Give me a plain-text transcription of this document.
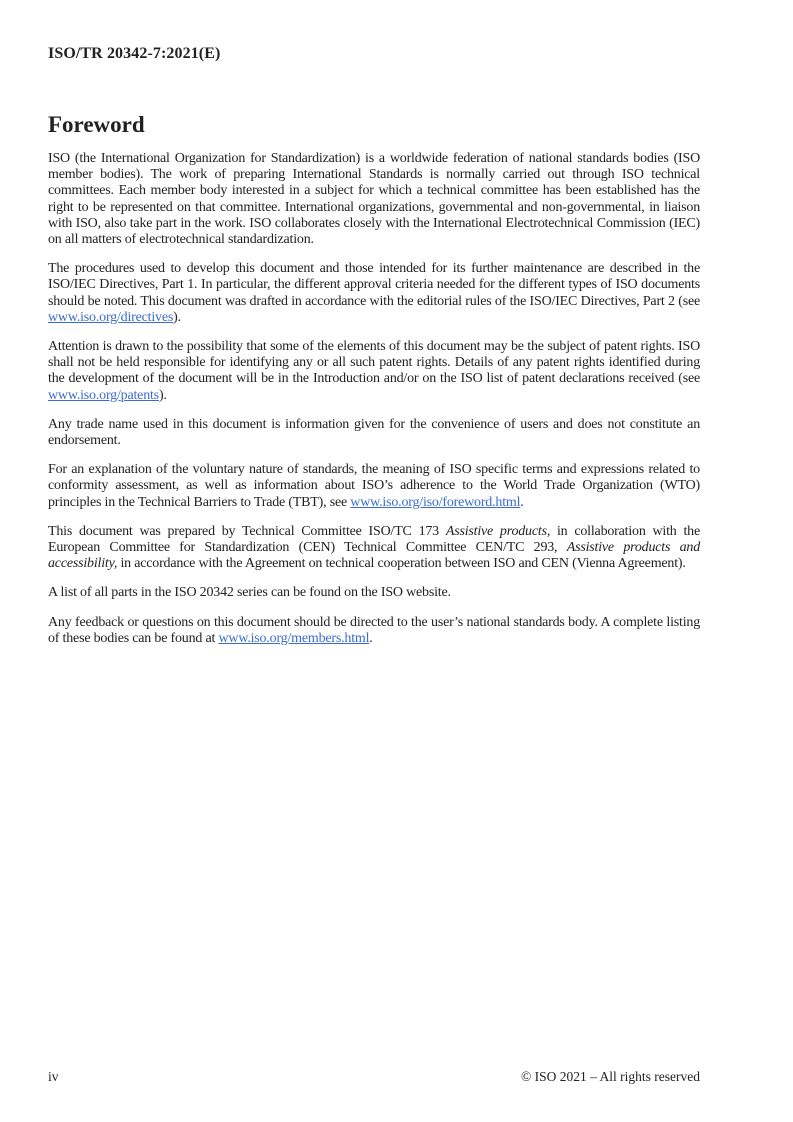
ISO/TR 20342-7:2021(E)
Foreword

ISO (the International Organization for Standardization) is a worldwide federation of national standards bodies (ISO member bodies). The work of preparing International Standards is normally carried out through ISO technical committees. Each member body interested in a subject for which a technical committee has been established has the right to be represented on that committee. International organizations, governmental and non-governmental, in liaison with ISO, also take part in the work. ISO collaborates closely with the International Electrotechnical Commission (IEC) on all matters of electrotechnical standardization.

The procedures used to develop this document and those intended for its further maintenance are described in the ISO/IEC Directives, Part 1. In particular, the different approval criteria needed for the different types of ISO documents should be noted. This document was drafted in accordance with the editorial rules of the ISO/IEC Directives, Part 2 (see www.iso.org/directives).

Attention is drawn to the possibility that some of the elements of this document may be the subject of patent rights. ISO shall not be held responsible for identifying any or all such patent rights. Details of any patent rights identified during the development of the document will be in the Introduction and/or on the ISO list of patent declarations received (see www.iso.org/patents).

Any trade name used in this document is information given for the convenience of users and does not constitute an endorsement.

For an explanation of the voluntary nature of standards, the meaning of ISO specific terms and expressions related to conformity assessment, as well as information about ISO’s adherence to the World Trade Organization (WTO) principles in the Technical Barriers to Trade (TBT), see www.iso.org/iso/foreword.html.

This document was prepared by Technical Committee ISO/TC 173 Assistive products, in collaboration with the European Committee for Standardization (CEN) Technical Committee CEN/TC 293, Assistive products and accessibility, in accordance with the Agreement on technical cooperation between ISO and CEN (Vienna Agreement).

A list of all parts in the ISO 20342 series can be found on the ISO website.

Any feedback or questions on this document should be directed to the user’s national standards body. A complete listing of these bodies can be found at www.iso.org/members.html.

iv	© ISO 2021 – All rights reserved
